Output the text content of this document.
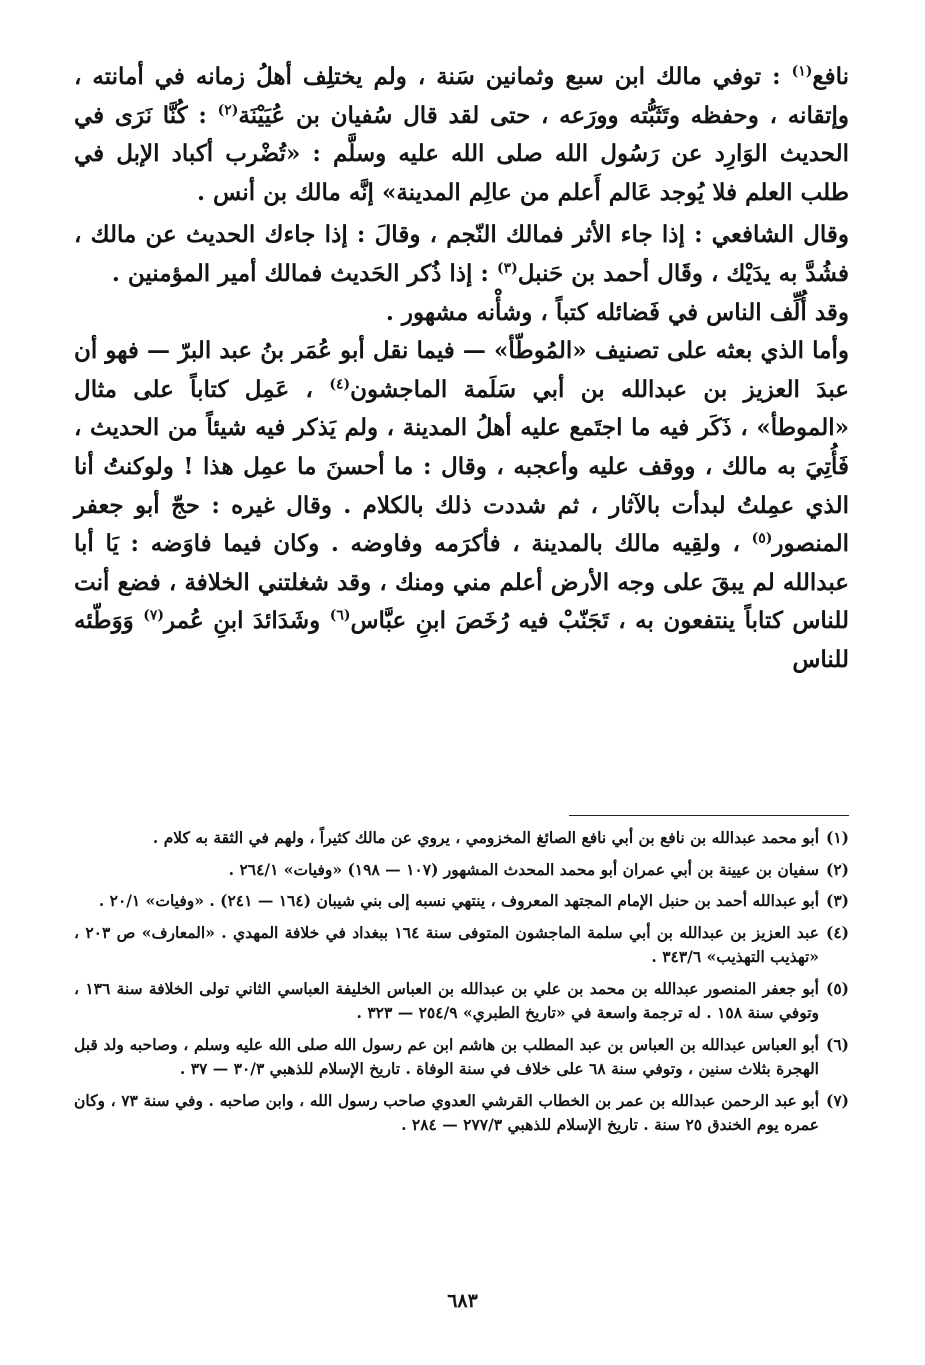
نافع$^{(١)}$ : توفي مالك ابن سبع وثمانين سَنة ، ولم يختلِف أهلُ زمانه في أمانته ، وإتقانه ، وحفظه وتَثَبُّته وورَعه ، حتى لقد قال سُفيان بن عُيَيْنَة$^{(٢)}$ : كُنَّا نَرَى في الحديث الوَارِد عن رَسُول الله صلى الله عليه وسلَّم : «تُضْرب أكباد الإبل في طلب العلم فلا يُوجد عَالم أَعلم من عالِم المدينة» إنَّه مالك بن أنس .

وقال الشافعي : إذا جاء الأثر فمالك النّجم ، وقالَ : إذا جاءك الحديث عن مالك ، فشُدَّ به يدَيْك ، وقَال أحمد بن حَنبل$^{(٣)}$ : إذا ذُكر الحَديث فمالك أمير المؤمنين .

وقد أُلِّف الناس في فَضائله كتباً ، وشأْنه مشهور .

وأما الذي بعثه على تصنيف «المُوطّأ» — فيما نقل أبو عُمَر بنُ عبد البرّ — فهو أن عبدَ العزيز بن عبدالله بن أبي سَلَمة الماجشون$^{(٤)}$ ، عَمِل كتاباً على مثال «الموطأ» ، ذَكَر فيه ما اجتَمع عليه أهلُ المدينة ، ولم يَذكر فيه شيئاً من الحديث ، فَأُتِيَ به مالك ، ووقف عليه وأعجبه ، وقال : ما أحسنَ ما عمِل هذا ! ولوكنتُ أنا الذي عمِلتُ لبدأت بالآثار ، ثم شددت ذلك بالكلام . وقال غيره : حجّ أبو جعفر المنصور$^{(٥)}$ ، ولقِيه مالك بالمدينة ، فأكرَمه وفاوضه . وكان فيما فاوَضه : يَا أبا عبدالله لم يبقَ على وجه الأرض أعلم مني ومنك ، وقد شغلتني الخلافة ، فضع أنت للناس كتاباً ينتفعون به ، تَجَنّبْ فيه رُخَصَ ابنِ عبَّاس$^{(٦)}$ وشَدَائدَ ابنِ عُمر$^{(٧)}$ وَوَطّئه للناس

(١)
أبو محمد عبدالله بن نافع بن أبي نافع الصائغ المخزومي ، يروي عن مالك كثيراً ، ولهم في الثقة به كلام .
(٢)
سفيان بن عيينة بن أبي عمران أبو محمد المحدث المشهور (١٠٧ — ١٩٨) «وفيات» ٢٦٤/١ .
(٣)
أبو عبدالله أحمد بن حنبل الإمام المجتهد المعروف ، ينتهي نسبه إلى بني شيبان (١٦٤ — ٢٤١) . «وفيات» ٢٠/١ .
(٤)
عبد العزيز بن عبدالله بن أبي سلمة الماجشون المتوفى سنة ١٦٤ ببغداد في خلافة المهدي . «المعارف» ص ٢٠٣ ، «تهذيب التهذيب» ٣٤٣/٦ .
(٥)
أبو جعفر المنصور عبدالله بن محمد بن علي بن عبدالله بن العباس الخليفة العباسي الثاني تولى الخلافة سنة ١٣٦ ، وتوفي سنة ١٥٨ . له ترجمة واسعة في «تاريخ الطبري» ٢٥٤/٩ — ٣٢٣ .
(٦)
أبو العباس عبدالله بن العباس بن عبد المطلب بن هاشم ابن عم رسول الله صلى الله عليه وسلم ، وصاحبه ولد قبل الهجرة بثلاث سنين ، وتوفي سنة ٦٨ على خلاف في سنة الوفاة . تاريخ الإسلام للذهبي ٣٠/٣ — ٣٧ .
(٧)
أبو عبد الرحمن عبدالله بن عمر بن الخطاب القرشي العدوي صاحب رسول الله ، وابن صاحبه . وفي سنة ٧٣ ، وكان عمره يوم الخندق ٢٥ سنة . تاريخ الإسلام للذهبي ٢٧٧/٣ — ٢٨٤ .
٦٨٣
